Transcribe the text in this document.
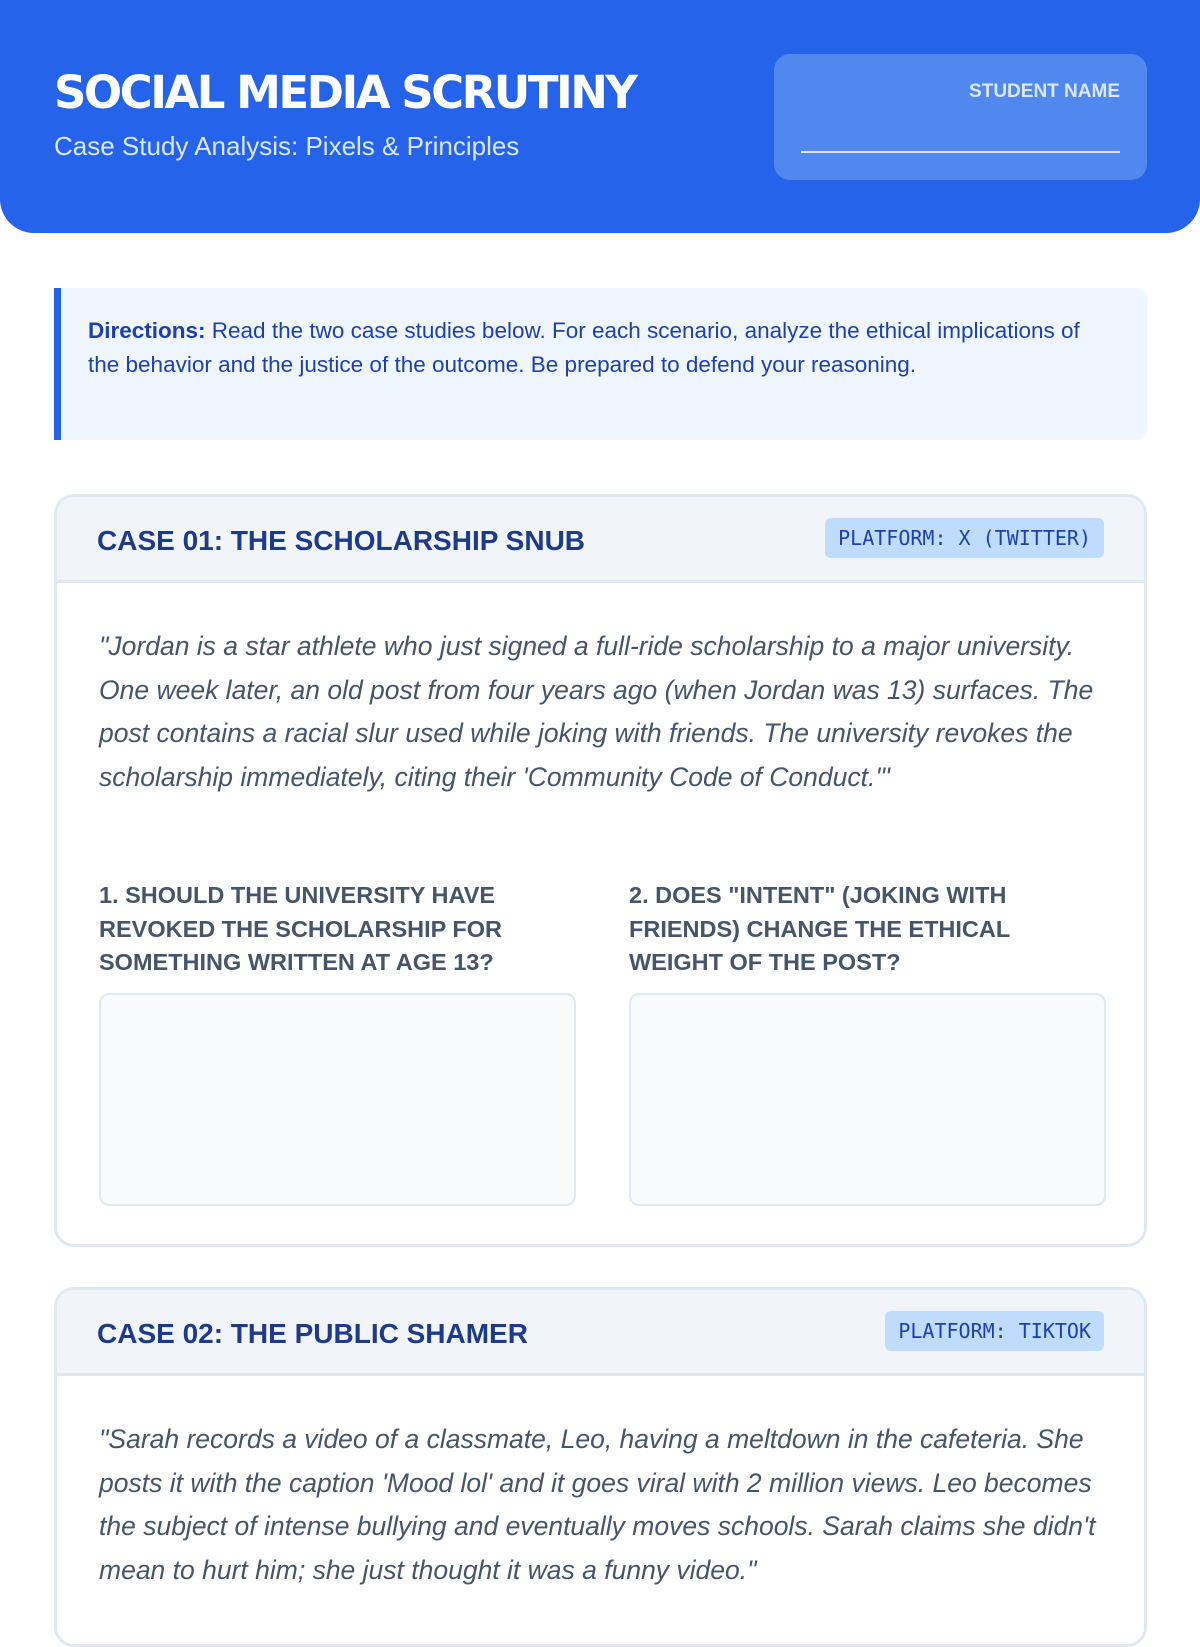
SOCIAL MEDIA SCRUTINY
Case Study Analysis: Pixels & Principles
STUDENT NAME
Directions: Read the two case studies below. For each scenario, analyze the ethical implications of the behavior and the justice of the outcome. Be prepared to defend your reasoning.
CASE 01: THE SCHOLARSHIP SNUB	PLATFORM: X (TWITTER)
"Jordan is a star athlete who just signed a full-ride scholarship to a major university. One week later, an old post from four years ago (when Jordan was 13) surfaces. The post contains a racial slur used while joking with friends. The university revokes the scholarship immediately, citing their 'Community Code of Conduct.'"
1. SHOULD THE UNIVERSITY HAVE REVOKED THE SCHOLARSHIP FOR SOMETHING WRITTEN AT AGE 13?
2. DOES "INTENT" (JOKING WITH FRIENDS) CHANGE THE ETHICAL WEIGHT OF THE POST?
CASE 02: THE PUBLIC SHAMER	PLATFORM: TIKTOK
"Sarah records a video of a classmate, Leo, having a meltdown in the cafeteria. She posts it with the caption 'Mood lol' and it goes viral with 2 million views. Leo becomes the subject of intense bullying and eventually moves schools. Sarah claims she didn't mean to hurt him; she just thought it was a funny video."
